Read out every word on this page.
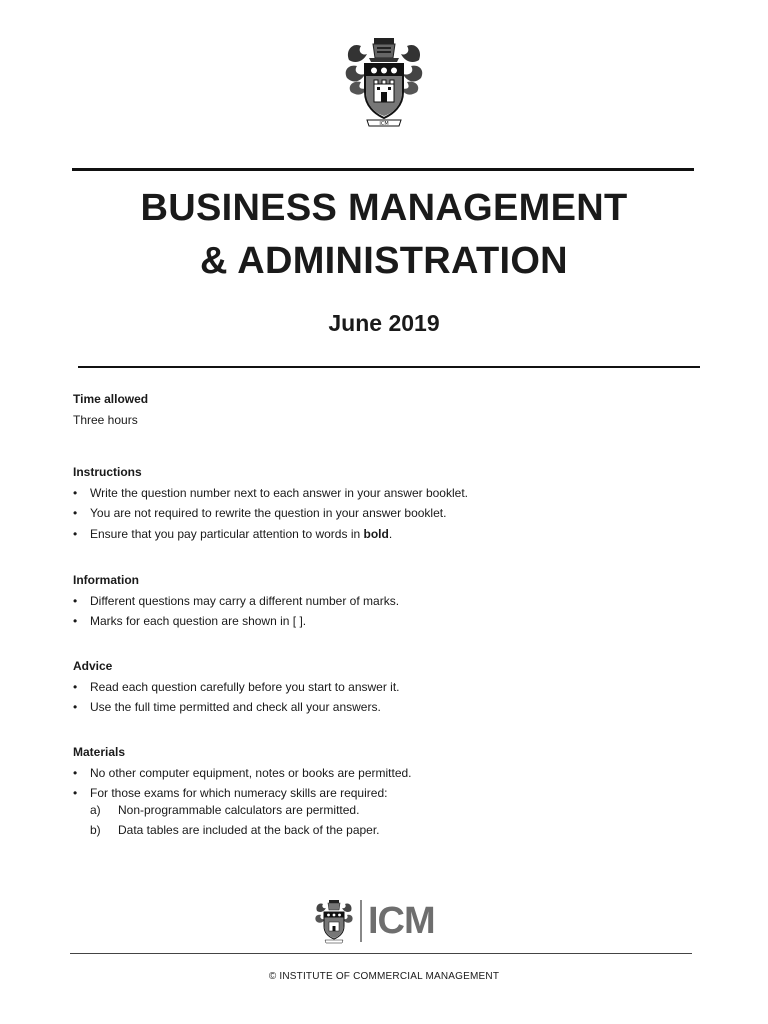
ICM
BUSINESS MANAGEMENT
& ADMINISTRATION
June 2019
Time allowed
Three hours
Instructions
• Write the question number next to each answer in your answer booklet.
• You are not required to rewrite the question in your answer booklet.
• Ensure that you pay particular attention to words in bold.
Information
• Different questions may carry a different number of marks.
• Marks for each question are shown in [ ].
Advice
• Read each question carefully before you start to answer it.
• Use the full time permitted and check all your answers.
Materials
• No other computer equipment, notes or books are permitted.
• For those exams for which numeracy skills are required:
a) Non-programmable calculators are permitted.
b) Data tables are included at the back of the paper.
ICM
© INSTITUTE OF COMMERCIAL MANAGEMENT
